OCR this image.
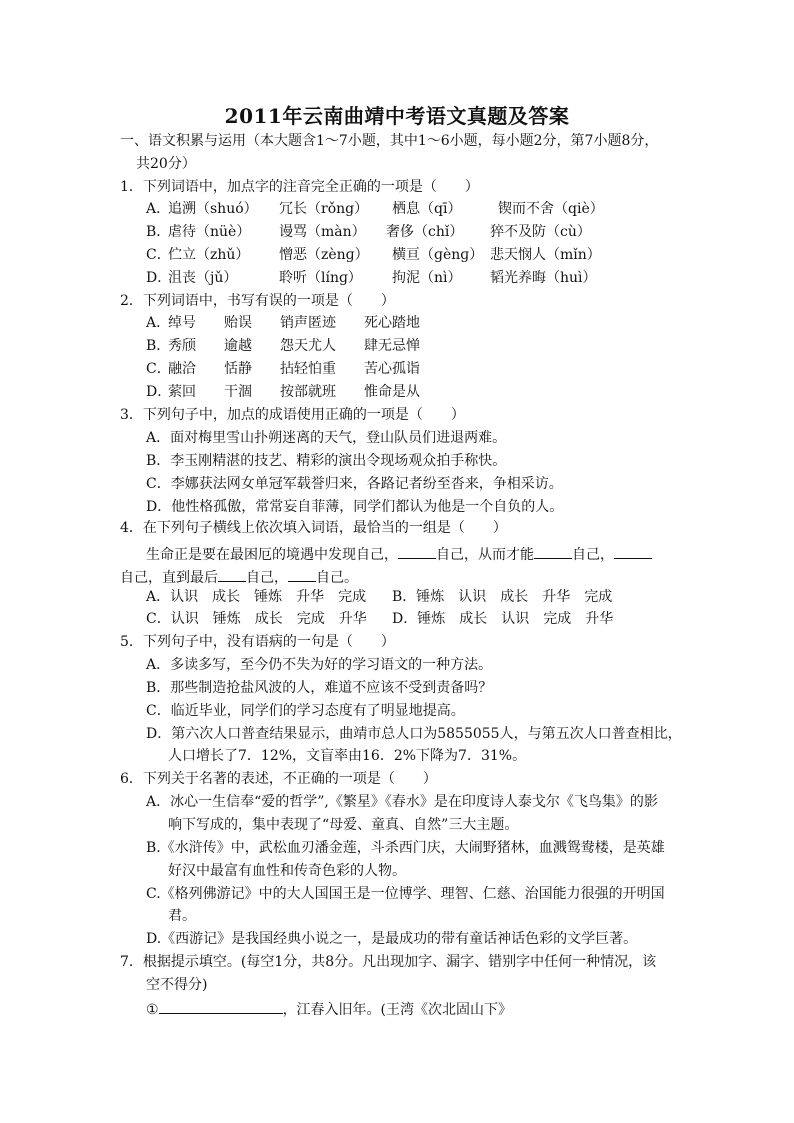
2011年云南曲靖中考语文真题及答案
一、语文积累与运用（本大题含1～7小题，其中1～6小题，每小题2分，第7小题8分，
共20分）
1．下列词语中，加点字的注音完全正确的一项是（　　）
A．
追溯（shuó） 冗长（rǒng） 栖息（qī）	锲而不舍（qiè）
B．
虐待（nüè） 谩骂（màn） 奢侈（chǐ） 猝不及防（cù）
C．
伫立（zhǔ） 憎恶（zènɡ） 横亘（ɡènɡ） 悲天悯人（mǐn）
D．
沮丧（jǔ）	聆听（línɡ） 拘泥（nì） 韬光养晦（huì）
2．下列词语中，书写有误的一项是（　　）
A．
绰号 贻误 销声匿迹 死心踏地
B．
秀颀 逾越 怨天尤人 肆无忌惮
C．
融洽 恬静 拈轻怕重 苦心孤诣
D．
萦回 干涸 按部就班 惟命是从
3．下列句子中，加点的成语使用正确的一项是（　　）
A．面对梅里雪山扑朔迷离的天气，登山队员们进退两难。
B．李玉刚精湛的技艺、精彩的演出令现场观众拍手称快。
C．李娜获法网女单冠军载誉归来，各路记者纷至沓来，争相采访。
D．他性格孤傲，常常妄自菲薄，同学们都认为他是一个自负的人。
4．在下列句子横线上依次填入词语，最恰当的一组是（　　）
生命正是要在最困厄的境遇中发现自己，	自己，从而才能	自己，
自己，直到最后 自己， 自己。
A．认识　成长　锤炼　升华　完成 B．锤炼　认识　成长　升华　完成
C．认识　锤炼　成长　完成　升华 D．锤炼　成长　认识　完成　升华
5．下列句子中，没有语病的一句是（　　）
A．多读多写，至今仍不失为好的学习语文的一种方法。
B．那些制造抢盐风波的人，难道不应该不受到责备吗？
C．临近毕业，同学们的学习态度有了明显地提高。
D．第六次人口普查结果显示，曲靖市总人口为5855055人，与第五次人口普查相比，
人口增长了7．12%，文盲率由16．2%下降为7．31%。
6．下列关于名著的表述，不正确的一项是（　　）
A．冰心一生信奉“爱的哲学”,《繁星》《春水》是在印度诗人泰戈尔《飞鸟集》的影
响下写成的，集中表现了“母爱、童真、自然”三大主题。
B.《水浒传》中，武松血刃潘金莲，斗杀西门庆，大闹野猪林，血溅鸳鸯楼，是英雄
好汉中最富有血性和传奇色彩的人物。
C.《格列佛游记》中的大人国国王是一位博学、理智、仁慈、治国能力很强的开明国
君。
D.《西游记》是我国经典小说之一，是最成功的带有童话神话色彩的文学巨著。
7．根据提示填空。(每空1分，共8分。凡出现加字、漏字、错别字中任何一种情况，该
空不得分)
①	，江春入旧年。(王湾《次北固山下》
